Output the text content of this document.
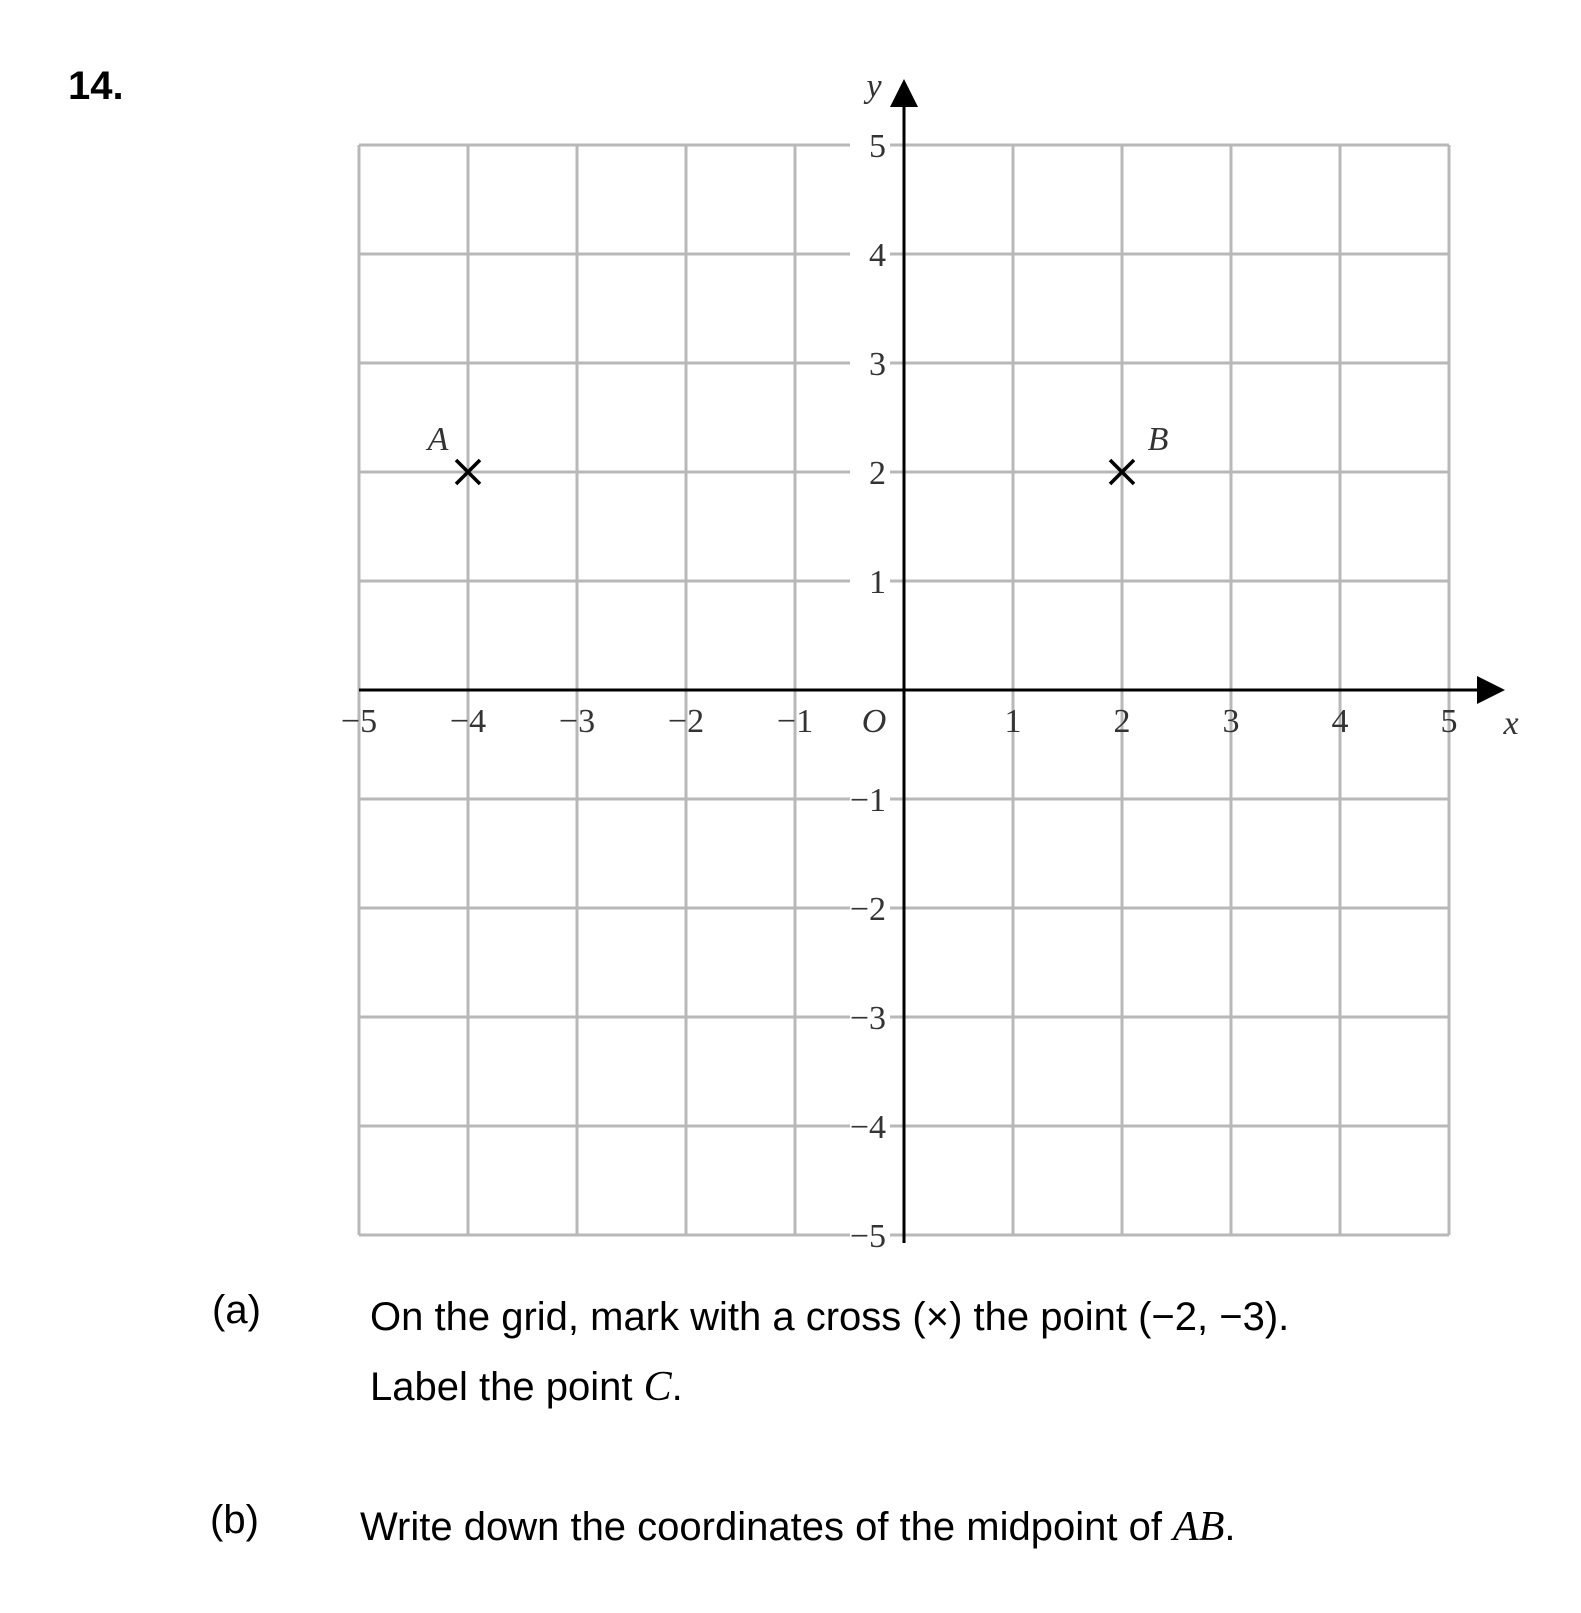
14.
−5 −4 −3 −2 −1	1	2	3	4	5
5
4
3
2
1
−1
−2
−3
−4
−5
O	x
y
A	B
(a)	On the grid, mark with a cross (×) the point (−2, −3).
Label the point C.
(b)	Write down the coordinates of the midpoint of AB.
